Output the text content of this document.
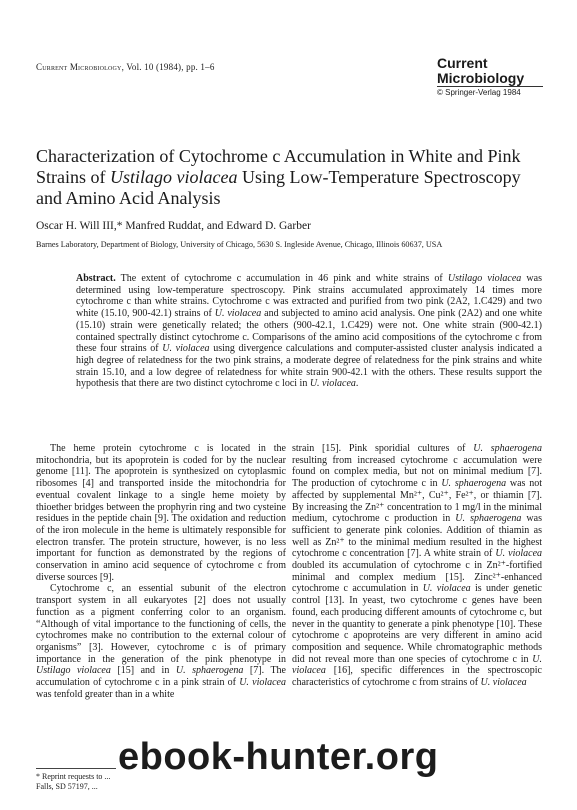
Current Microbiology, Vol. 10 (1984), pp. 1–6	Current
Microbiology
© Springer-Verlag 1984
Characterization of Cytochrome c Accumulation in White and Pink Strains of Ustilago violacea Using Low-Temperature Spectroscopy and Amino Acid Analysis
Oscar H. Will III,* Manfred Ruddat, and Edward D. Garber
Barnes Laboratory, Department of Biology, University of Chicago, 5630 S. Ingleside Avenue, Chicago, Illinois 60637, USA
Abstract. The extent of cytochrome c accumulation in 46 pink and white strains of Ustilago violacea was determined using low-temperature spectroscopy. Pink strains accumulated approximately 14 times more cytochrome c than white strains. Cytochrome c was extracted and purified from two pink (2A2, 1.C429) and two white (15.10, 900-42.1) strains of U. violacea and subjected to amino acid analysis. One pink (2A2) and one white (15.10) strain were genetically related; the others (900-42.1, 1.C429) were not. One white strain (900-42.1) contained spectrally distinct cytochrome c. Comparisons of the amino acid compositions of the cytochrome c from these four strains of U. violacea using divergence calculations and computer-assisted cluster analysis indicated a high degree of relatedness for the two pink strains, a moderate degree of relatedness for the pink strains and white strain 15.10, and a low degree of relatedness for white strain 900-42.1 with the others. These results support the hypothesis that there are two distinct cytochrome c loci in U. violacea.

The heme protein cytochrome c is located in the mitochondria, but its apoprotein is coded for by the nuclear genome [11]. The apoprotein is synthesized on cytoplasmic ribosomes [4] and transported inside the mitochondria for eventual covalent linkage to a single heme moiety by thioether bridges between the prophyrin ring and two cysteine residues in the peptide chain [9]. The oxidation and reduction of the iron molecule in the heme is ultimately responsible for electron transfer. The protein structure, however, is no less important for function as demonstrated by the regions of conservation in amino acid sequence of cytochrome c from diverse sources [9].

Cytochrome c, an essential subunit of the electron transport system in all eukaryotes [2] does not usually function as a pigment conferring color to an organism. “Although of vital importance to the functioning of cells, the cytochromes make no contribution to the external colour of organisms” [3]. However, cytochrome c is of primary importance in the generation of the pink phenotype in Ustilago violacea [15] and in U. sphaerogena [7]. The accumulation of cytochrome c in a pink strain of U. violacea was tenfold greater than in a white

strain [15]. Pink sporidial cultures of U. sphaerogena resulting from increased cytochrome c accumulation were found on complex media, but not on minimal medium [7]. The production of cytochrome c in U. sphaerogena was not affected by supplemental Mn²⁺, Cu²⁺, Fe²⁺, or thiamin [7]. By increasing the Zn²⁺ concentration to 1 mg/l in the minimal medium, cytochrome c production in U. sphaerogena was sufficient to generate pink colonies. Addition of thiamin as well as Zn²⁺ to the minimal medium resulted in the highest cytochrome c concentration [7]. A white strain of U. violacea doubled its accumulation of cytochrome c in Zn²⁺-fortified minimal and complex medium [15]. Zinc²⁺-enhanced cytochrome c accumulation in U. violacea is under genetic control [13]. In yeast, two cytochrome c genes have been found, each producing different amounts of cytochrome c, but never in the quantity to generate a pink phenotype [10]. These cytochrome c apoproteins are very different in amino acid composition and sequence. While chromatographic methods did not reveal more than one species of cytochrome c in U. violacea [16], specific differences in the spectroscopic characteristics of cytochrome c from strains of U. violacea

* Reprint requests to ...
Falls, SD 57197, ...
ebook-hunter.org
